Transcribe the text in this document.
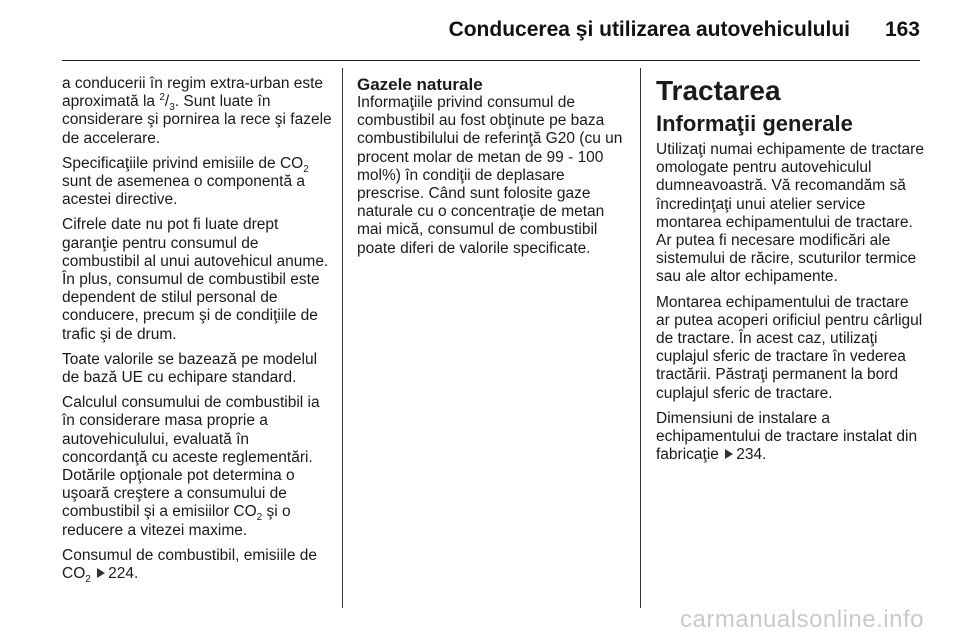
Conducerea şi utilizarea autovehiculului 163

a conducerii în regim extra-urban este aproximată la $^2/_3$. Sunt luate în considerare şi pornirea la rece şi fazele de accelerare.

Specificaţiile privind emisiile de $CO_2$ sunt de asemenea o componentă a acestei directive.

Cifrele date nu pot fi luate drept garanţie pentru consumul de combustibil al unui autovehicul anume. În plus, consumul de combustibil este dependent de stilul personal de conducere, precum şi de condiţiile de trafic şi de drum.

Toate valorile se bazează pe modelul de bază UE cu echipare standard.

Calculul consumului de combustibil ia în considerare masa proprie a autovehiculului, evaluată în concordanţă cu aceste reglementări. Dotările opţionale pot determina o uşoară creştere a consumului de combustibil şi a emisiilor $CO_2$ şi o reducere a vitezei maxime.

Consumul de combustibil, emisiile de $CO_2$ 224.

Gazele naturale

Informaţiile privind consumul de combustibil au fost obţinute pe baza combustibilului de referinţă G20 (cu un procent molar de metan de 99 - 100 mol%) în condiţii de deplasare prescrise. Când sunt folosite gaze naturale cu o concentraţie de metan mai mică, consumul de combustibil poate diferi de valorile specificate.

Tractarea
Informaţii generale

Utilizaţi numai echipamente de tractare omologate pentru autovehiculul dumneavoastră. Vă recomandăm să încredinţaţi unui atelier service montarea echipamentului de tractare. Ar putea fi necesare modificări ale sistemului de răcire, scuturilor termice sau ale altor echipamente.

Montarea echipamentului de tractare ar putea acoperi orificiul pentru cârligul de tractare. În acest caz, utilizaţi cuplajul sferic de tractare în vederea tractării. Păstraţi permanent la bord cuplajul sferic de tractare.

Dimensiuni de instalare a echipamentului de tractare instalat din fabricaţie 234.

carmanualsonline.info
